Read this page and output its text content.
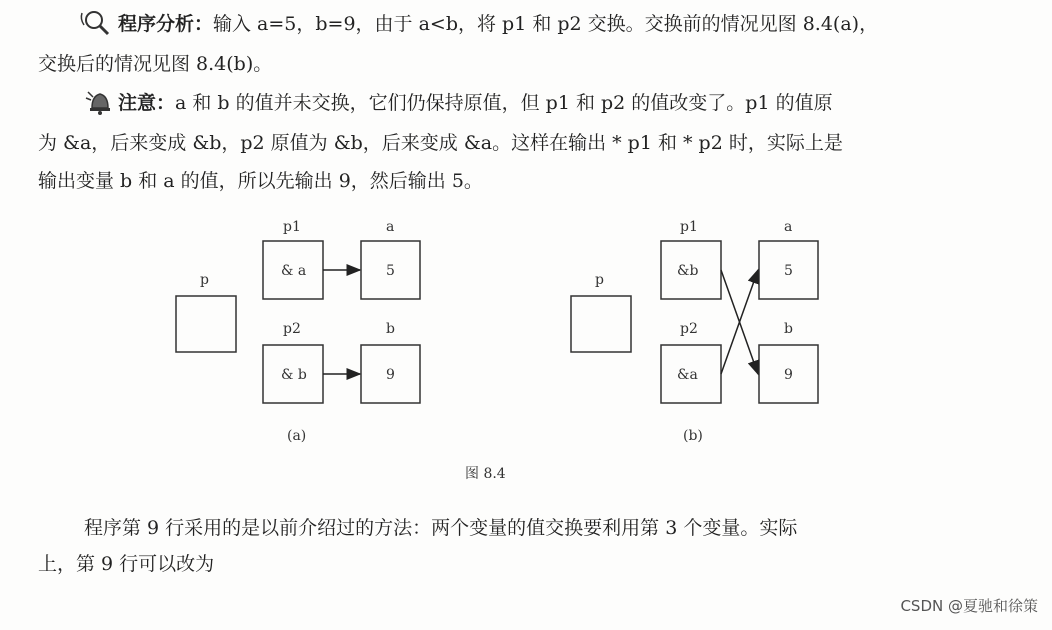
程序分析：输入 a=5，b=9，由于 a<b，将 p1 和 p2 交换。交换前的情况见图 8.4(a)，
交换后的情况见图 8.4(b)。
注意：a 和 b 的值并未交换，它们仍保持原值，但 p1 和 p2 的值改变了。p1 的值原
为 &a，后来变成 &b，p2 原值为 &b，后来变成 &a。这样在输出 * p1 和 * p2 时，实际上是
输出变量 b 和 a 的值，所以先输出 9，然后输出 5。
p
p1
& a
a
5
p2
& b
b
9
(a)
p
p1
&b
a
5
p2
&a
b
9
(b)
图 8.4
程序第 9 行采用的是以前介绍过的方法：两个变量的值交换要利用第 3 个变量。实际
上，第 9 行可以改为
CSDN @夏驰和徐策
